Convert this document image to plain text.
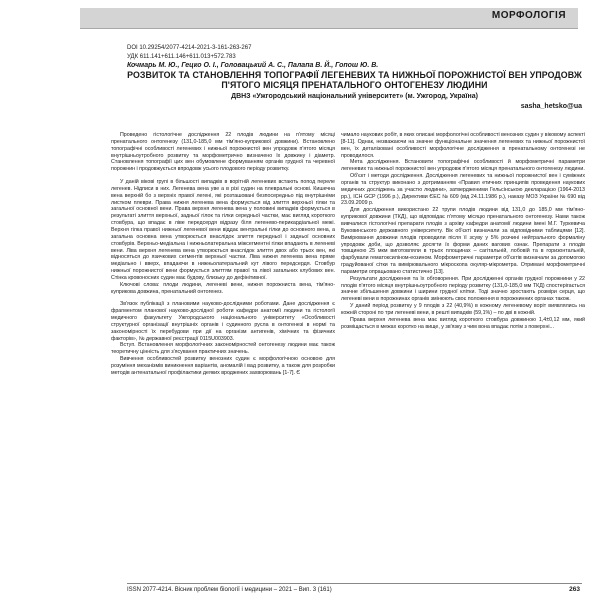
МОРФОЛОГІЯ
DOI 10.29254/2077-4214-2021-3-161-263-267
УДК 611.141+611.146+611.013+572.783
Кочмарь М. Ю., Гецко О. І., Головацький А. С., Палапа В. Й., Гопош Ю. В.
РОЗВИТОК ТА СТАНОВЛЕННЯ ТОПОГРАФІЇ ЛЕГЕНЕВИХ ТА НИЖНЬОЇ ПОРОЖНИСТОЇ ВЕН УПРОДОВЖ П'ЯТОГО МІСЯЦЯ ПРЕНАТАЛЬНОГО ОНТОГЕНЕЗУ ЛЮДИНИ
ДВНЗ «Ужгородський національний університет» (м. Ужгород, Україна)
sasha_hetsko@ua

Проведено гістологічне дослідження 22 плодів людини на п'ятому місяці пренатального онтогенезу (131,0-185,0 мм тім'яно-куприкової довжини). Встановлено топографічні особливості легеневих і нижньої порожнистої вен упродовж п'ятого місяця внутрішньоутробного розвитку та морфометрично визначено їх довжину і діаметр. Становлення топографії цих вен обумовлене формуванням органів грудної та черевної порожнин і продовжується впродовж усього плодового періоду розвитку.

У даній вікові групі в більшості випадків в ворітній легеневих встають попод переле легенев. Нідписи в них. Легенева вена уве а в різі судин на плевральні основі. Кишечна вена верхній бо з верхніх правої легені, які розташовані безпосередньо під внутрішніми листком плеври. Права нижня легенева вена формується від злиття верхньої гілки та загальної основної вени. Права верхня легенева вена у половині випадків формується в результаті злиття верхньої, задньої гілок та гілки середньої частки, має вигляд короткого стовбура, що впадає в ліве передсердя відразу біля легенево-перикардіальної межі. Верхня гілка правої нижньої легеневої вени віддає вентральні гілки до основного вена, а загальна основна вена утворюється внаслідок злиття передньої і задньої основних стовбурів. Верхньо-медіальна і нижньолатеральна міжсегментні гілки впадають в легеневі вени. Ліва верхня легенева вена утворюється внаслідок злиття двох або трьох вен, які відносяться до язичкових сегментів верхньої частки. Ліва нижня легенева вена пряме медіально і вверх, впадаючи в нижньолатеральний кут лівого передсердя. Стовбур нижньої порожнистої вени формується злиттям правої та лівої загальних клубових вен. Стінка кровоносних судин має будову, близьку до дефінітивної.

Ключові слова: плоди людини, легеневі вени, нижня порожниста вена, тім'яно-куприкова довжина, пренатальний онтогенез.

Зв'язок публікації з плановими науково-дослідними роботами. Дане дослідження є фрагментом планової науково-дослідної роботи кафедри анатомії людини та гістології медичного факультету Ужгородського національного університету «Особливості структурної організації внутрішніх органів і судинного русла в онтогенезі в нормі та закономірності їх перебудови при дії на організм антигенів, хімічних та фізичних факторів», № державної реєстрації 0115U003903.

Вступ. Встановлення морфологічних закономірностей онтогенезу людини має також теоретичну цінність для з'ясування практичних значень.

Вивчення особливостей розвитку венозних судин є морфологічною основою для розуміння механізмів виникнення варіантів, аномалій і вад розвитку, а також для розробки методів антенатальної профілактики деяких вроджених захворювань [1-7]. Є

чимало наукових робіт, в яких описані морфологічні особливості венозних судин у віковому аспекті [8-11]. Однак, незважаючи на значне функціональне значення легеневих та нижньої порожнистої вен, їх деталізовані особливості морфологічне дослідження в пренатальному онтогенезі не проводилося.

Мета дослідження. Встановити топографічні особливості й морфометричні параметри легеневих та нижньої порожнистої вен упродовж п'ятого місяця пренатального онтогенезу людини.

Об'єкт і методи дослідження. Дослідження легеневих та нижньої порожнистої вен і суміжних органів та структур виконано з дотриманням «Правил етичних принципів проведення наукових медичних досліджень за участю людини», затвердженими Гельсінською декларацією (1964-2013 рр.), ICH GCP (1996 р.), Директиви ЄЕС № 609 (від 24.11.1986 р.), наказу МОЗ України № 690 від 23.09.2009 р.

Для дослідження використано 22 трупи плодів людини від 131,0 до 185,0 мм тім'яно-куприкової довжини (ТКД), що відповідає п'ятому місяцю пренатального онтогенезу. Нами також вивчалися гістологічні препарати плодів з архіву кафедри анатомії людини імені М.Г. Туркевича Буковинського державного університету. Вік об'єкті визначали за відповідними таблицями [12]. Вимірювання довжини плодів проводили після її зсуву у 5% розчині нейтрального формаліну упродовж доби, що дозволяє досягти їх форми даних вагових ознак. Препарати з плодів товщиною 25 мкм виготовляли в трьох площинах – сагітальній, лобовій та в горизонтальній, фарбували гематоксиліном-еозином. Морфометричні параметри об'єктів визначали за допомогою градуйованої сітки та вимірювального мікроскопа окуляр-мікрометра. Отримані морфометричні параметри опрацьовано статистично [13].

Результати дослідження та їх обговорення. При дослідженні органів грудної порожнини у 22 плодів п'ятого місяця внутрішньоутробного періоду розвитку (131,0-185,0 мм ТКД) спостерігається значне збільшення довжини і ширини грудної клітки. Тоді значно зростають розміри серця, що легеневі вени в порожнинах органів змінюють своє положення в порожнинних органах також.

У даний період розвитку у 9 плодів з 22 (40,9%) в кожному легеневому воріт виявлялись на кожній стороні по три легеневі вени, в решті випадків (59,1%) – по дві в кожній.

Права верхня легенева вена має вигляд короткого стовбура довжиною 1,4±0,12 мм, який розміщається в межах коротко на вище, у зв'язку з чим вона впадає потім з поверхні...

ISSN 2077-4214. Вісник проблем біології і медицини – 2021 – Вип. 3 (161)	263
